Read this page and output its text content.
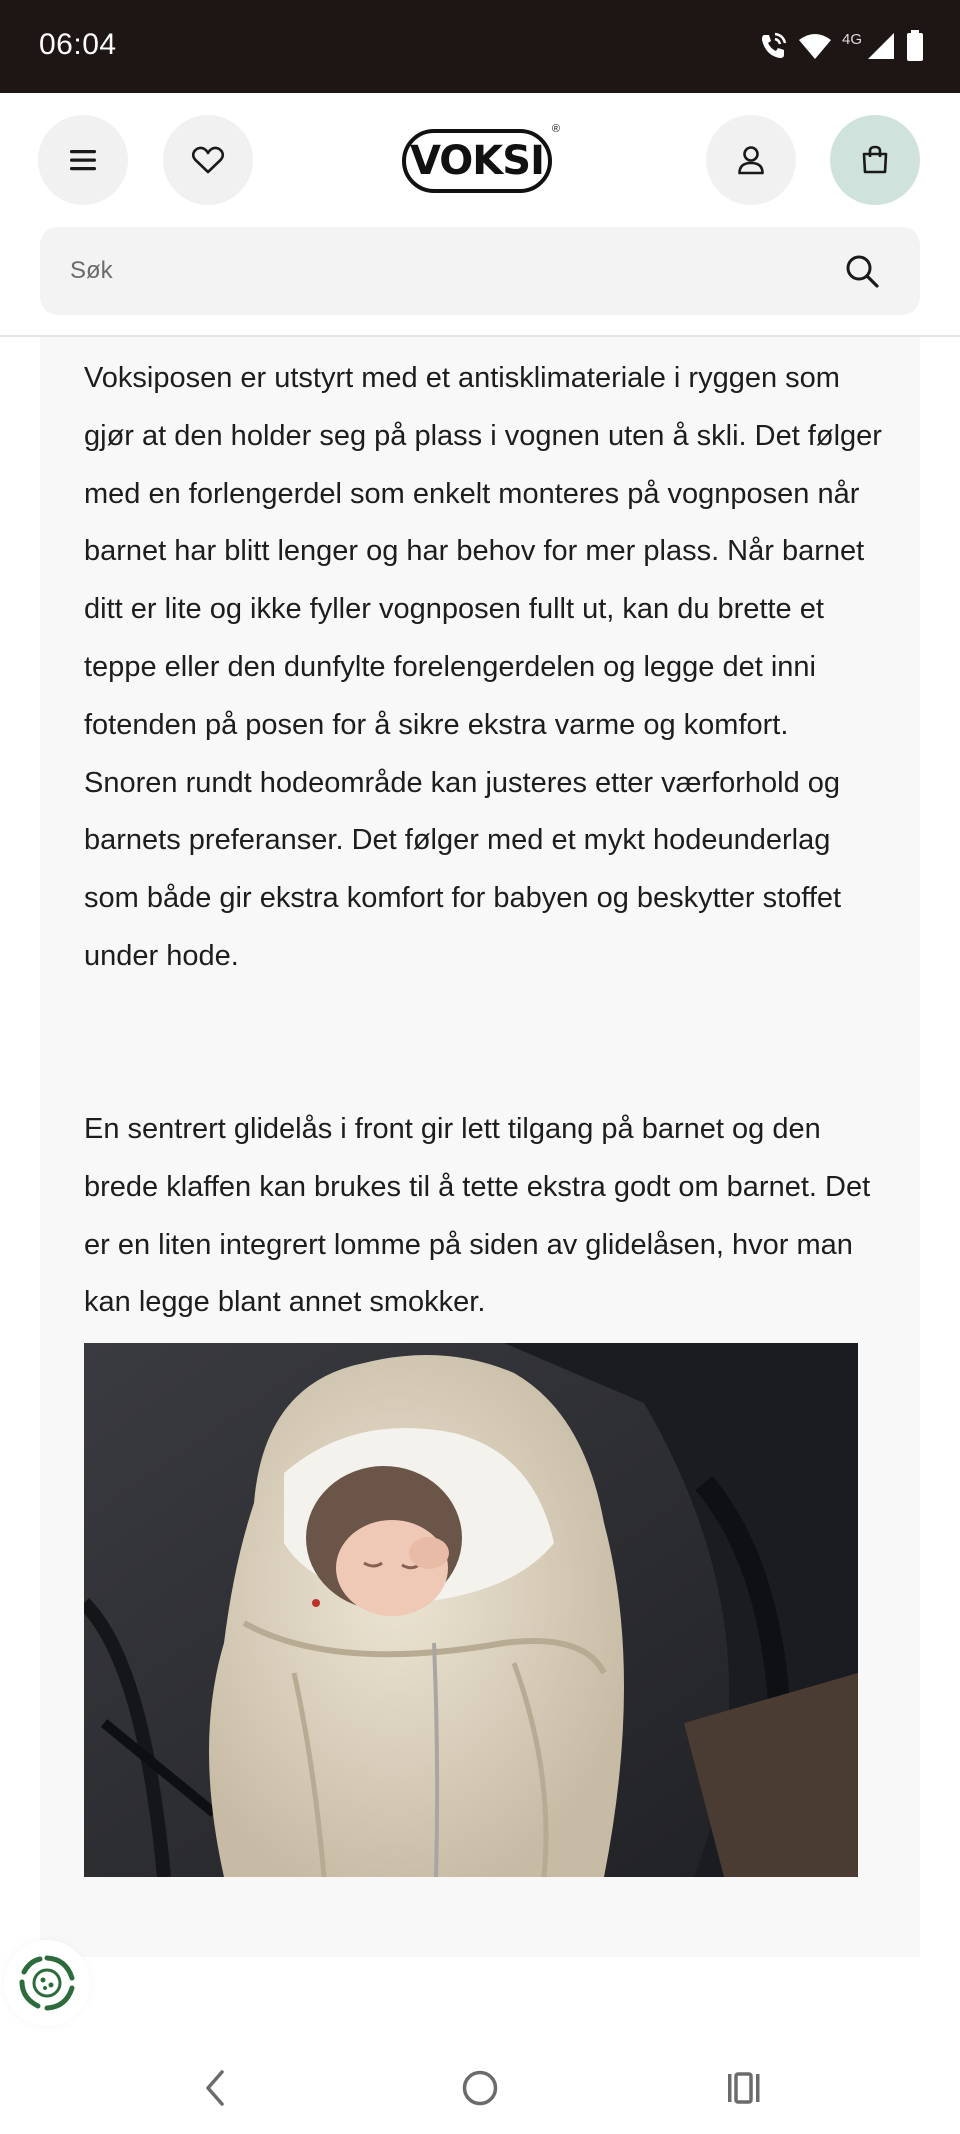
06:04	4G
VOKSI
®
Søk

Voksiposen er utstyrt med et antisklimateriale i ryggen som gjør at den holder seg på plass i vognen uten å skli. Det følger med en forlengerdel som enkelt monteres på vognposen når barnet har blitt lenger og har behov for mer plass. Når barnet ditt er lite og ikke fyller vognposen fullt ut, kan du brette et teppe eller den dunfylte forelengerdelen og legge det inni fotenden på posen for å sikre ekstra varme og komfort. Snoren rundt hodeområde kan justeres etter værforhold og barnets preferanser. Det følger med et mykt hodeunderlag som både gir ekstra komfort for babyen og beskytter stoffet under hode.

En sentrert glidelås i front gir lett tilgang på barnet og den brede klaffen kan brukes til å tette ekstra godt om barnet. Det er en liten integrert lomme på siden av glidelåsen, hvor man kan legge blant annet smokker.
